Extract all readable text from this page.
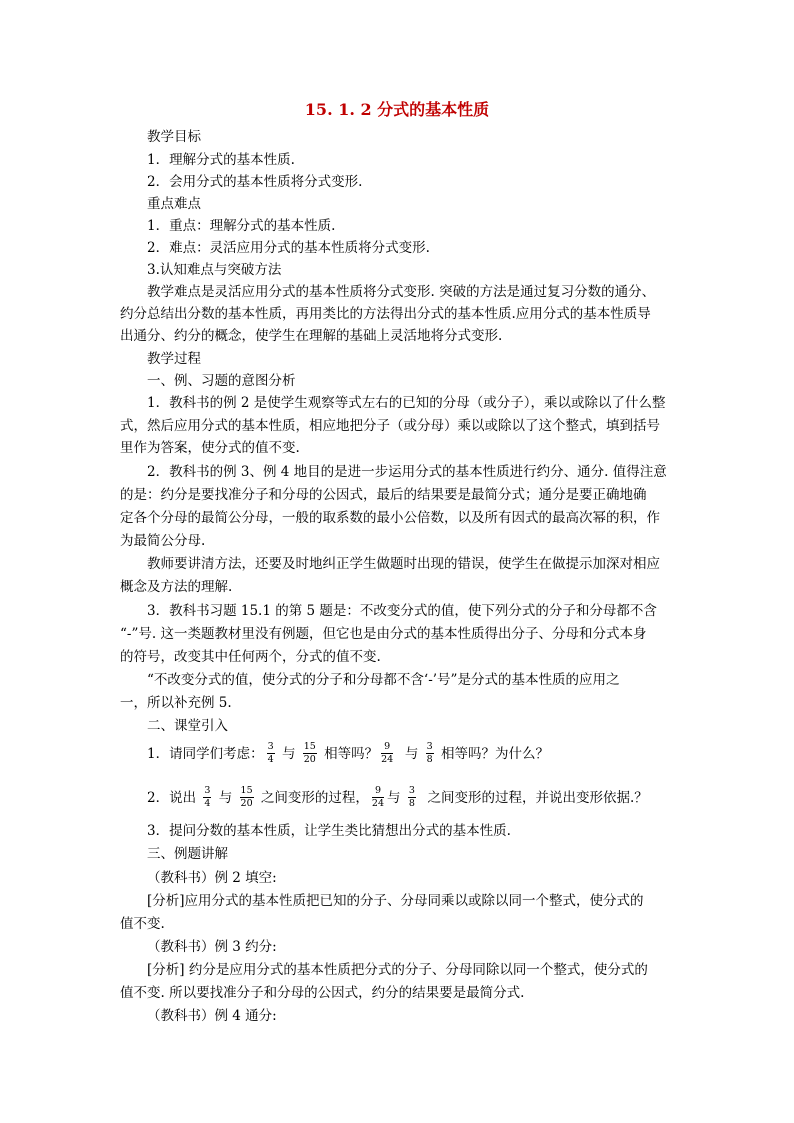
15. 1. 2 分式的基本性质
教学目标
1．理解分式的基本性质.
2．会用分式的基本性质将分式变形.
重点难点
1．重点：理解分式的基本性质.
2．难点：灵活应用分式的基本性质将分式变形.
3.认知难点与突破方法
教学难点是灵活应用分式的基本性质将分式变形. 突破的方法是通过复习分数的通分、
约分总结出分数的基本性质，再用类比的方法得出分式的基本性质.应用分式的基本性质导
出通分、约分的概念，使学生在理解的基础上灵活地将分式变形.
教学过程
一、例、习题的意图分析
1．教科书的例 2 是使学生观察等式左右的已知的分母（或分子），乘以或除以了什么整
式，然后应用分式的基本性质，相应地把分子（或分母）乘以或除以了这个整式，填到括号
里作为答案，使分式的值不变.
2．教科书的例 3、例 4 地目的是进一步运用分式的基本性质进行约分、通分. 值得注意
的是：约分是要找准分子和分母的公因式，最后的结果要是最简分式；通分是要正确地确
定各个分母的最简公分母，一般的取系数的最小公倍数，以及所有因式的最高次幂的积，作
为最简公分母.
教师要讲清方法，还要及时地纠正学生做题时出现的错误，使学生在做提示加深对相应
概念及方法的理解.
3．教科书习题 15.1 的第 5 题是：不改变分式的值，使下列分式的分子和分母都不含
“-”号. 这一类题教材里没有例题，但它也是由分式的基本性质得出分子、分母和分式本身
的符号，改变其中任何两个，分式的值不变.
“不改变分式的值，使分式的分子和分母都不含‘-’号”是分式的基本性质的应用之
一，所以补充例 5.
二、课堂引入
1．请同学们考虑： $\frac{3}{4}$ 与 $\frac{15}{20}$ 相等吗？ $\frac{9}{24}$ 与 $\frac{3}{8}$ 相等吗？为什么？
2．说出 $\frac{3}{4}$ 与 $\frac{15}{20}$ 之间变形的过程， $\frac{9}{24}$ 与 $\frac{3}{8}$ 之间变形的过程，并说出变形依据.？
3．提问分数的基本性质，让学生类比猜想出分式的基本性质.
三、例题讲解
（教科书）例 2 填空:
[分析]应用分式的基本性质把已知的分子、分母同乘以或除以同一个整式，使分式的
值不变.
（教科书）例 3 约分:
[分析] 约分是应用分式的基本性质把分式的分子、分母同除以同一个整式，使分式的
值不变. 所以要找准分子和分母的公因式，约分的结果要是最简分式.
（教科书）例 4 通分:
